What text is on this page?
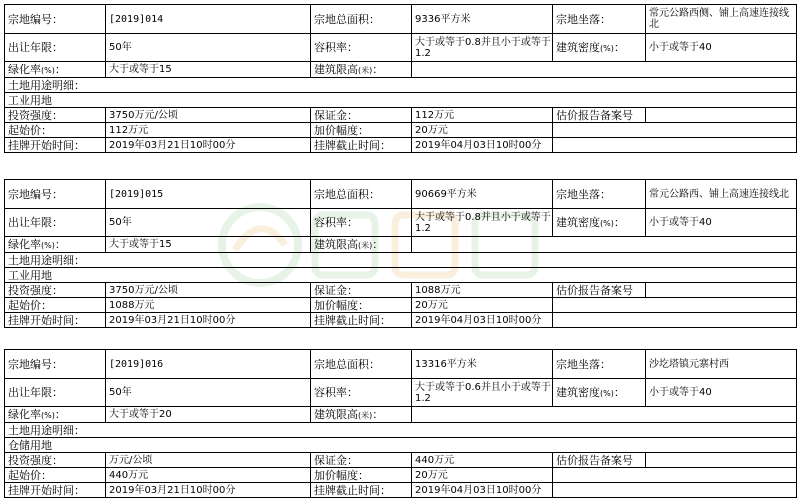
宗地编号：	[2019]014	宗地总面积：	9336平方米	宗地坐落：	常元公路西侧、铺上高速连接线北
出让年限：	50年	容积率：	大于或等于0.8并且小于或等于1.2	建筑密度(%)：	小于或等于40
绿化率(%)：	大于或等于15	建筑限高(米)：			
土地用途明细：					
工业用地					
投资强度：	3750万元/公顷	保证金：	112万元	估价报告备案号	
起始价：	112万元	加价幅度：	20万元		
挂牌开始时间：	2019年03月21日10时00分	挂牌截止时间：	2019年04月03日10时00分		
宗地编号：	[2019]015	宗地总面积：	90669平方米	宗地坐落：	常元公路西、铺上高速连接线北
出让年限：	50年	容积率：	大于或等于0.8并且小于或等于1.2	建筑密度(%)：	小于或等于40
绿化率(%)：	大于或等于15	建筑限高(米)：			
土地用途明细：					
工业用地					
投资强度：	3750万元/公顷	保证金：	1088万元	估价报告备案号	
起始价：	1088万元	加价幅度：	20万元		
挂牌开始时间：	2019年03月21日10时00分	挂牌截止时间：	2019年04月03日10时00分		
宗地编号：	[2019]016	宗地总面积：	13316平方米	宗地坐落：	沙圪塔镇元寨村西
出让年限：	50年	容积率：	大于或等于0.6并且小于或等于1.2	建筑密度(%)：	小于或等于40
绿化率(%)：	大于或等于20	建筑限高(米)：			
土地用途明细：					
仓储用地					
投资强度：	万元/公顷	保证金：	440万元	估价报告备案号	
起始价：	440万元	加价幅度：	20万元		
挂牌开始时间：	2019年03月21日10时00分	挂牌截止时间：	2019年04月03日10时00分		
